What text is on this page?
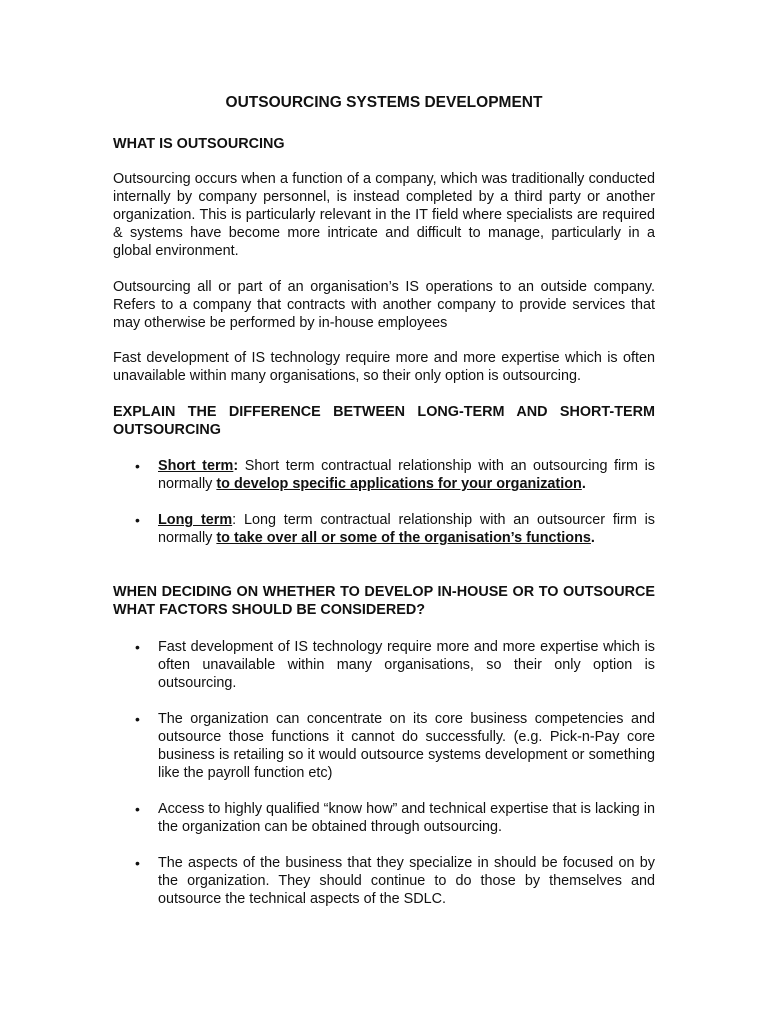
OUTSOURCING SYSTEMS DEVELOPMENT
WHAT IS OUTSOURCING

Outsourcing occurs when a function of a company, which was traditionally conducted internally by company personnel, is instead completed by a third party or another organization. This is particularly relevant in the IT field where specialists are required & systems have become more intricate and difficult to manage, particularly in a global environment.

Outsourcing all or part of an organisation’s IS operations to an outside company. Refers to a company that contracts with another company to provide services that may otherwise be performed by in-house employees

Fast development of IS technology require more and more expertise which is often unavailable within many organisations, so their only option is outsourcing.

EXPLAIN THE DIFFERENCE BETWEEN LONG-TERM AND SHORT-TERM OUTSOURCING
• Short term: Short term contractual relationship with an outsourcing firm is normally to develop specific applications for your organization.
• Long term: Long term contractual relationship with an outsourcer firm is normally to take over all or some of the organisation’s functions.
WHEN DECIDING ON WHETHER TO DEVELOP IN-HOUSE OR TO OUTSOURCE WHAT FACTORS SHOULD BE CONSIDERED?
• Fast development of IS technology require more and more expertise which is often unavailable within many organisations, so their only option is outsourcing.
• The organization can concentrate on its core business competencies and outsource those functions it cannot do successfully. (e.g. Pick-n-Pay core business is retailing so it would outsource systems development or something like the payroll function etc)
• Access to highly qualified “know how” and technical expertise that is lacking in the organization can be obtained through outsourcing.
• The aspects of the business that they specialize in should be focused on by the organization. They should continue to do those by themselves and outsource the technical aspects of the SDLC.
